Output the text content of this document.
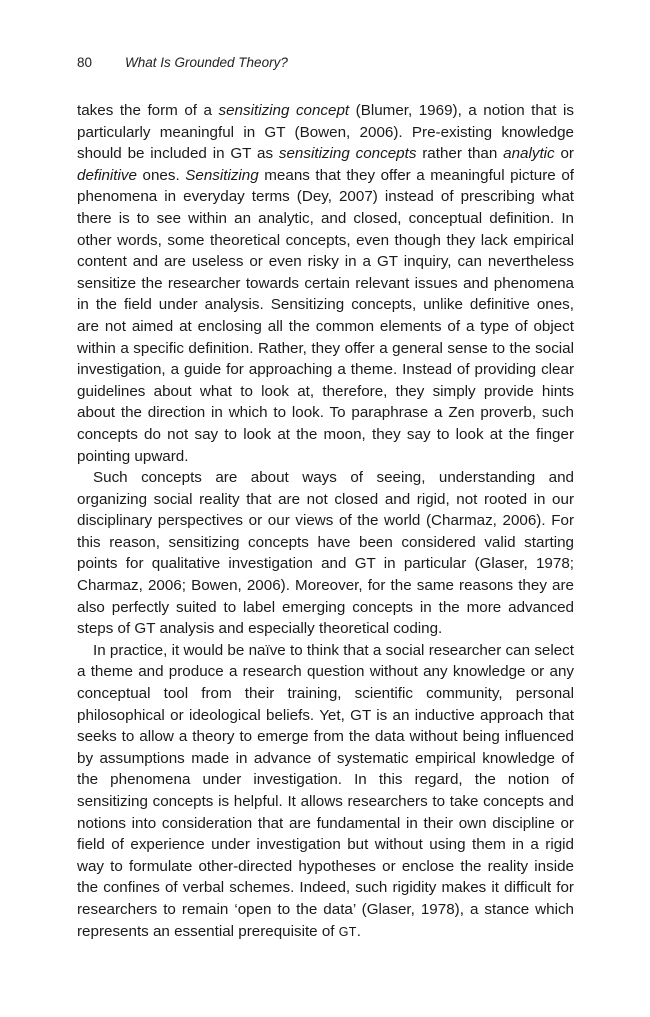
80 What Is Grounded Theory?

takes the form of a sensitizing concept (Blumer, 1969), a notion that is particularly meaningful in GT (Bowen, 2006). Pre-existing knowledge should be included in GT as sensitizing concepts rather than analytic or definitive ones. Sensitizing means that they offer a meaningful picture of phenomena in everyday terms (Dey, 2007) instead of prescribing what there is to see within an analytic, and closed, conceptual definition. In other words, some theoretical concepts, even though they lack empirical content and are useless or even risky in a GT inquiry, can nevertheless sensitize the researcher towards certain relevant issues and phenomena in the field under analysis. Sensitizing concepts, unlike definitive ones, are not aimed at enclosing all the common elements of a type of object within a specific definition. Rather, they offer a general sense to the social investigation, a guide for approaching a theme. Instead of providing clear guidelines about what to look at, therefore, they simply provide hints about the direction in which to look. To paraphrase a Zen proverb, such concepts do not say to look at the moon, they say to look at the finger pointing upward.

Such concepts are about ways of seeing, understanding and organizing social reality that are not closed and rigid, not rooted in our disciplinary perspectives or our views of the world (Charmaz, 2006). For this reason, sensitizing concepts have been considered valid starting points for qualitative investigation and GT in particular (Glaser, 1978; Charmaz, 2006; Bowen, 2006). Moreover, for the same reasons they are also perfectly suited to label emerging concepts in the more advanced steps of GT analysis and especially theoretical coding.

In practice, it would be naïve to think that a social researcher can select a theme and produce a research question without any knowledge or any conceptual tool from their training, scientific community, personal philosophical or ideological beliefs. Yet, GT is an inductive approach that seeks to allow a theory to emerge from the data without being influenced by assumptions made in advance of systematic empirical knowledge of the phenomena under investigation. In this regard, the notion of sensitizing concepts is helpful. It allows researchers to take concepts and notions into consideration that are fundamental in their own discipline or field of experience under investigation but without using them in a rigid way to formulate other-directed hypotheses or enclose the reality inside the confines of verbal schemes. Indeed, such rigidity makes it difficult for researchers to remain ‘open to the data’ (Glaser, 1978), a stance which represents an essential prerequisite of GT.
